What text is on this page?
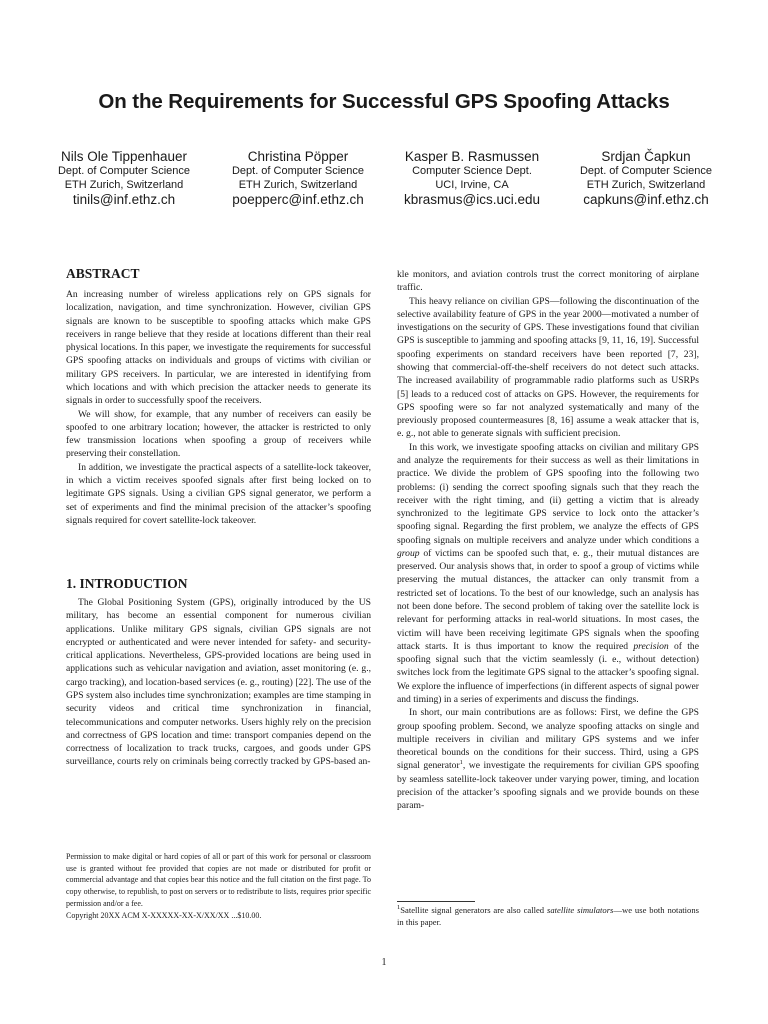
On the Requirements for Successful GPS Spoofing Attacks
Nils Ole Tippenhauer
Dept. of Computer Science
ETH Zurich, Switzerland
tinils@inf.ethz.ch
Christina Pöpper
Dept. of Computer Science
ETH Zurich, Switzerland
poepperc@inf.ethz.ch
Kasper B. Rasmussen
Computer Science Dept.
UCI, Irvine, CA
kbrasmus@ics.uci.edu
Srdjan Čapkun
Dept. of Computer Science
ETH Zurich, Switzerland
capkuns@inf.ethz.ch
ABSTRACT

An increasing number of wireless applications rely on GPS signals for localization, navigation, and time synchronization. However, civilian GPS signals are known to be susceptible to spoofing attacks which make GPS receivers in range believe that they reside at locations different than their real physical locations. In this paper, we investigate the requirements for successful GPS spoofing attacks on individuals and groups of victims with civilian or military GPS receivers. In particular, we are interested in identifying from which locations and with which precision the attacker needs to generate its signals in order to successfully spoof the receivers.

We will show, for example, that any number of receivers can easily be spoofed to one arbitrary location; however, the attacker is restricted to only few transmission locations when spoofing a group of receivers while preserving their constellation.

In addition, we investigate the practical aspects of a satellite-lock takeover, in which a victim receives spoofed signals after first being locked on to legitimate GPS signals. Using a civilian GPS signal generator, we perform a set of experiments and find the minimal precision of the attacker’s spoofing signals required for covert satellite-lock takeover.

1. INTRODUCTION

The Global Positioning System (GPS), originally introduced by the US military, has become an essential component for numerous civilian applications. Unlike military GPS signals, civilian GPS signals are not encrypted or authenticated and were never intended for safety- and security-critical applications. Nevertheless, GPS-provided locations are being used in applications such as vehicular navigation and aviation, asset monitoring (e. g., cargo tracking), and location-based services (e. g., routing) [22]. The use of the GPS system also includes time synchronization; examples are time stamping in security videos and critical time synchronization in financial, telecommunications and computer networks. Users highly rely on the precision and correctness of GPS location and time: transport companies depend on the correctness of localization to track trucks, cargoes, and goods under GPS surveillance, courts rely on criminals being correctly tracked by GPS-based an-

Permission to make digital or hard copies of all or part of this work for personal or classroom use is granted without fee provided that copies are not made or distributed for profit or commercial advantage and that copies bear this notice and the full citation on the first page. To copy otherwise, to republish, to post on servers or to redistribute to lists, requires prior specific permission and/or a fee.

Copyright 20XX ACM X-XXXXX-XX-X/XX/XX ...$10.00.

kle monitors, and aviation controls trust the correct monitoring of airplane traffic.

This heavy reliance on civilian GPS—following the discontinuation of the selective availability feature of GPS in the year 2000—motivated a number of investigations on the security of GPS. These investigations found that civilian GPS is susceptible to jamming and spoofing attacks [9, 11, 16, 19]. Successful spoofing experiments on standard receivers have been reported [7, 23], showing that commercial-off-the-shelf receivers do not detect such attacks. The increased availability of programmable radio platforms such as USRPs [5] leads to a reduced cost of attacks on GPS. However, the requirements for GPS spoofing were so far not analyzed systematically and many of the previously proposed countermeasures [8, 16] assume a weak attacker that is, e. g., not able to generate signals with sufficient precision.

In this work, we investigate spoofing attacks on civilian and military GPS and analyze the requirements for their success as well as their limitations in practice. We divide the problem of GPS spoofing into the following two problems: (i) sending the correct spoofing signals such that they reach the receiver with the right timing, and (ii) getting a victim that is already synchronized to the legitimate GPS service to lock onto the attacker’s spoofing signal. Regarding the first problem, we analyze the effects of GPS spoofing signals on multiple receivers and analyze under which conditions a group of victims can be spoofed such that, e. g., their mutual distances are preserved. Our analysis shows that, in order to spoof a group of victims while preserving the mutual distances, the attacker can only transmit from a restricted set of locations. To the best of our knowledge, such an analysis has not been done before. The second problem of taking over the satellite lock is relevant for performing attacks in real-world situations. In most cases, the victim will have been receiving legitimate GPS signals when the spoofing attack starts. It is thus important to know the required precision of the spoofing signal such that the victim seamlessly (i. e., without detection) switches lock from the legitimate GPS signal to the attacker’s spoofing signal. We explore the influence of imperfections (in different aspects of signal power and timing) in a series of experiments and discuss the findings.

In short, our main contributions are as follows: First, we define the GPS group spoofing problem. Second, we analyze spoofing attacks on single and multiple receivers in civilian and military GPS systems and we infer theoretical bounds on the conditions for their success. Third, using a GPS signal generator$^1$, we investigate the requirements for civilian GPS spoofing by seamless satellite-lock takeover under varying power, timing, and location precision of the attacker’s spoofing signals and we provide bounds on these param-

$^1$Satellite signal generators are also called satellite simulators—we use both notations in this paper.

1
